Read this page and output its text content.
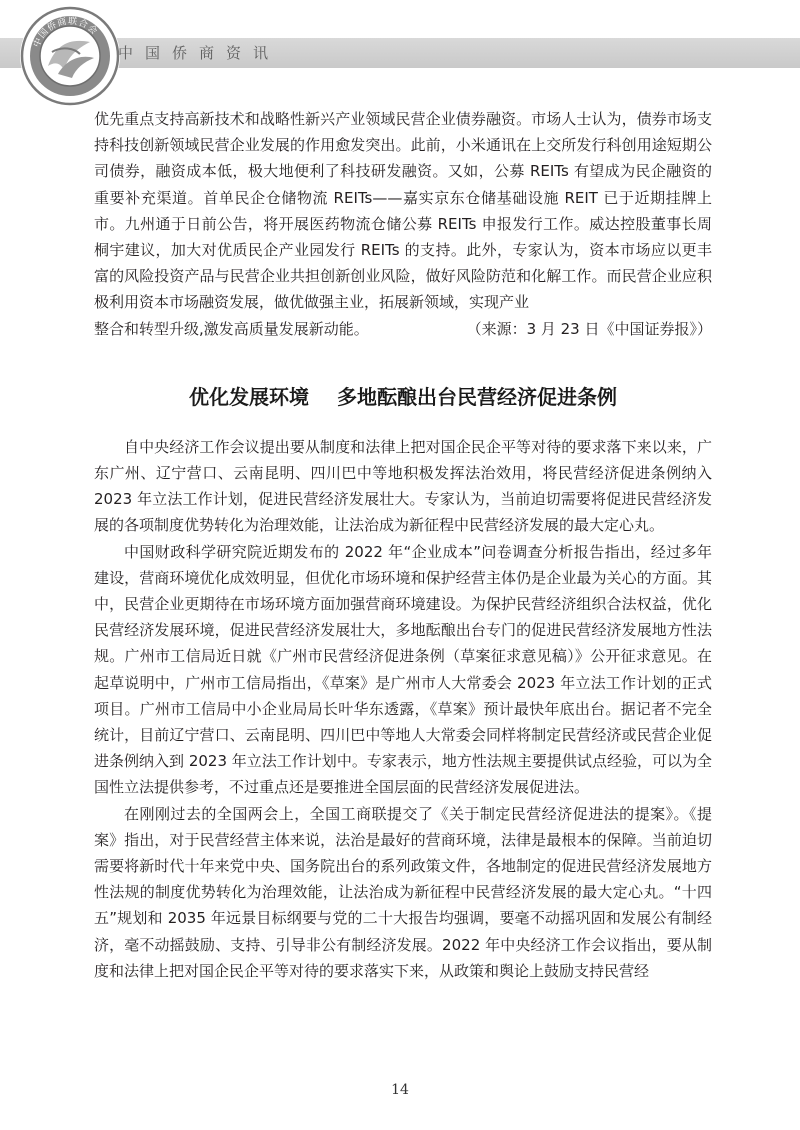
中国侨商联合会
中国侨商资讯

优先重点支持高新技术和战略性新兴产业领域民营企业债券融资。市场人士认为，债券市场支持科技创新领域民营企业发展的作用愈发突出。此前，小米通讯在上交所发行科创用途短期公司债券，融资成本低，极大地便利了科技研发融资。又如，公募 REITs 有望成为民企融资的重要补充渠道。首单民企仓储物流 REITs——嘉实京东仓储基础设施 REIT 已于近期挂牌上市。九州通于日前公告，将开展医药物流仓储公募 REITs 申报发行工作。威达控股董事长周桐宇建议，加大对优质民企产业园发行 REITs 的支持。此外，专家认为，资本市场应以更丰富的风险投资产品与民营企业共担创新创业风险，做好风险防范和化解工作。而民营企业应积极利用资本市场融资发展，做优做强主业，拓展新领域，实现产业

整合和转型升级,激发高质量发展新动能。	（来源：3 月 23 日《中国证券报》）
优化发展环境 多地酝酿出台民营经济促进条例

自中央经济工作会议提出要从制度和法律上把对国企民企平等对待的要求落下来以来，广东广州、辽宁营口、云南昆明、四川巴中等地积极发挥法治效用，将民营经济促进条例纳入 2023 年立法工作计划，促进民营经济发展壮大。专家认为，当前迫切需要将促进民营经济发展的各项制度优势转化为治理效能，让法治成为新征程中民营经济发展的最大定心丸。

中国财政科学研究院近期发布的 2022 年“企业成本”问卷调查分析报告指出，经过多年建设，营商环境优化成效明显，但优化市场环境和保护经营主体仍是企业最为关心的方面。其中，民营企业更期待在市场环境方面加强营商环境建设。为保护民营经济组织合法权益，优化民营经济发展环境，促进民营经济发展壮大，多地酝酿出台专门的促进民营经济发展地方性法规。广州市工信局近日就《广州市民营经济促进条例（草案征求意见稿）》公开征求意见。在起草说明中，广州市工信局指出，《草案》是广州市人大常委会 2023 年立法工作计划的正式项目。广州市工信局中小企业局局长叶华东透露，《草案》预计最快年底出台。据记者不完全统计，目前辽宁营口、云南昆明、四川巴中等地人大常委会同样将制定民营经济或民营企业促进条例纳入到 2023 年立法工作计划中。专家表示，地方性法规主要提供试点经验，可以为全国性立法提供参考，不过重点还是要推进全国层面的民营经济发展促进法。

在刚刚过去的全国两会上，全国工商联提交了《关于制定民营经济促进法的提案》。《提案》指出，对于民营经营主体来说，法治是最好的营商环境，法律是最根本的保障。当前迫切需要将新时代十年来党中央、国务院出台的系列政策文件，各地制定的促进民营经济发展地方性法规的制度优势转化为治理效能，让法治成为新征程中民营经济发展的最大定心丸。“十四五”规划和 2035 年远景目标纲要与党的二十大报告均强调，要毫不动摇巩固和发展公有制经济，毫不动摇鼓励、支持、引导非公有制经济发展。2022 年中央经济工作会议指出，要从制度和法律上把对国企民企平等对待的要求落实下来，从政策和舆论上鼓励支持民营经

14
